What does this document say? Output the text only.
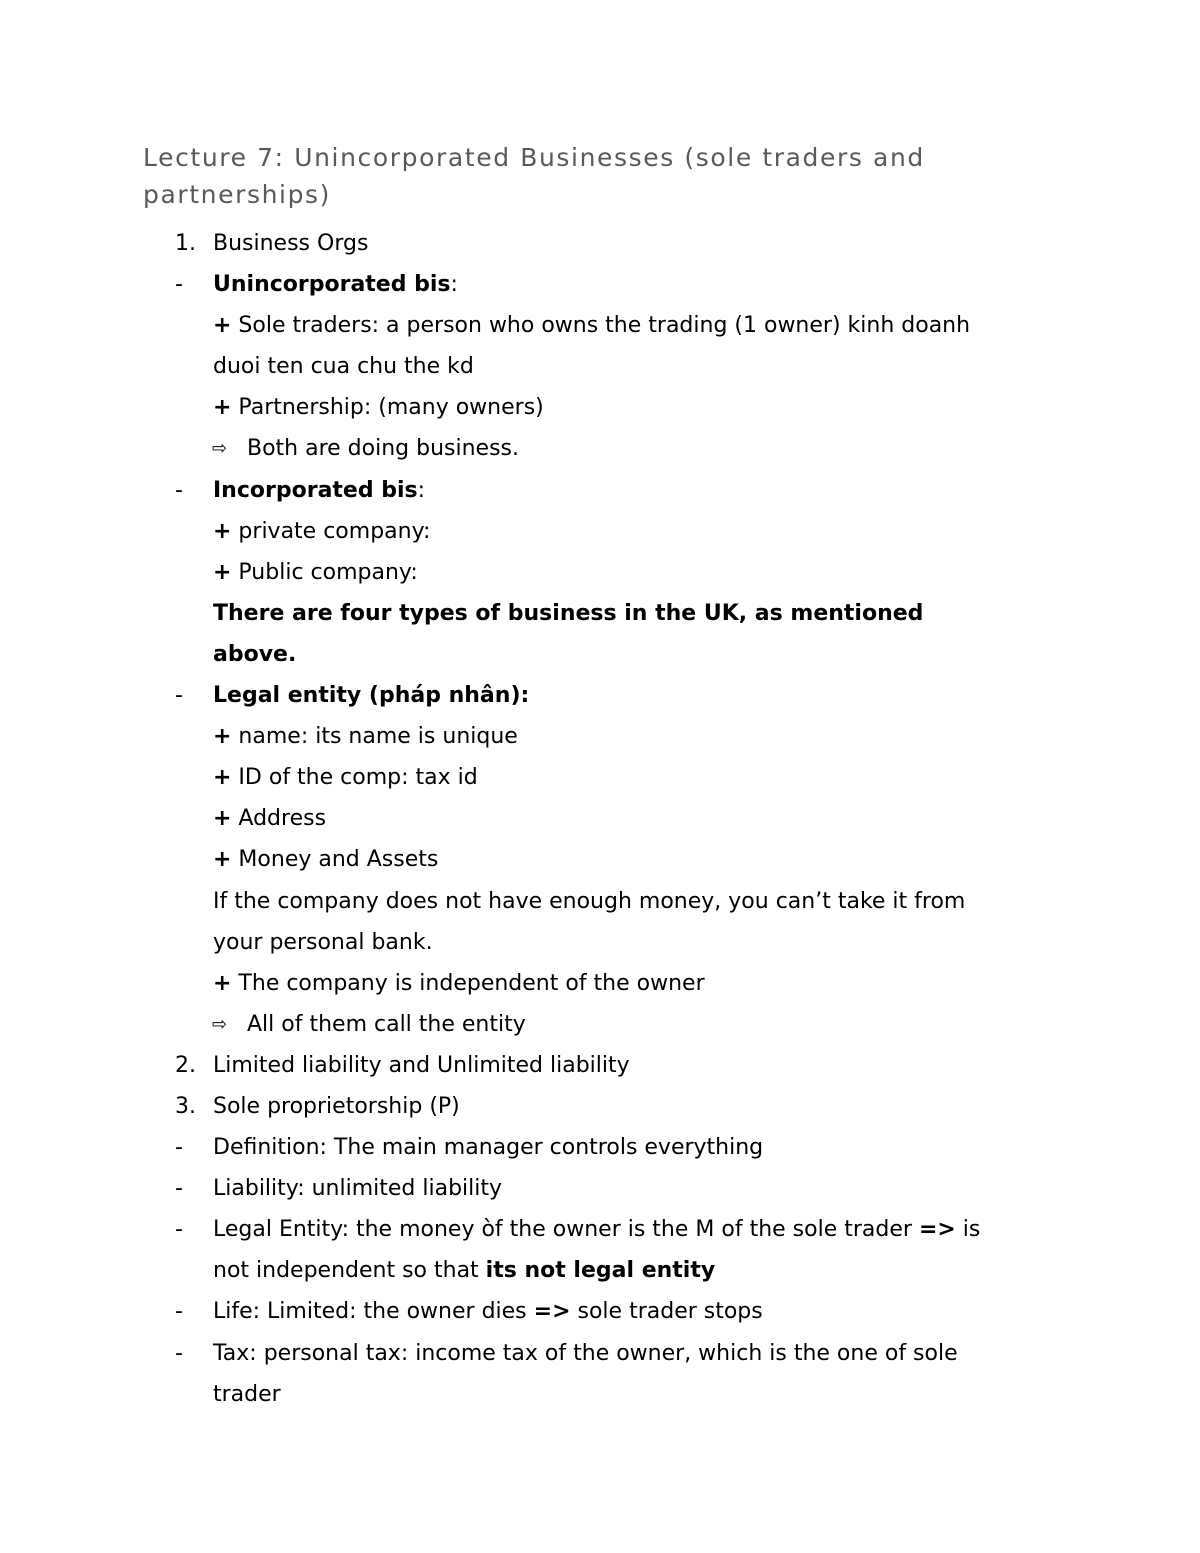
Lecture 7: Unincorporated Businesses (sole traders and
partnerships)
1. Business Orgs
- Unincorporated bis:
+ Sole traders: a person who owns the trading (1 owner) kinh doanh
duoi ten cua chu the kd
+ Partnership: (many owners)
⇨ Both are doing business.
- Incorporated bis:
+ private company:
+ Public company:
There are four types of business in the UK, as mentioned
above.
- Legal entity (pháp nhân):
+ name: its name is unique
+ ID of the comp: tax id
+ Address
+ Money and Assets
If the company does not have enough money, you can’t take it from
your personal bank.
+ The company is independent of the owner
⇨ All of them call the entity
2. Limited liability and Unlimited liability
3. Sole proprietorship (P)
- Definition: The main manager controls everything
- Liability: unlimited liability
- Legal Entity: the money òf the owner is the M of the sole trader => is
not independent so that its not legal entity
- Life: Limited: the owner dies => sole trader stops
- Tax: personal tax: income tax of the owner, which is the one of sole
trader
